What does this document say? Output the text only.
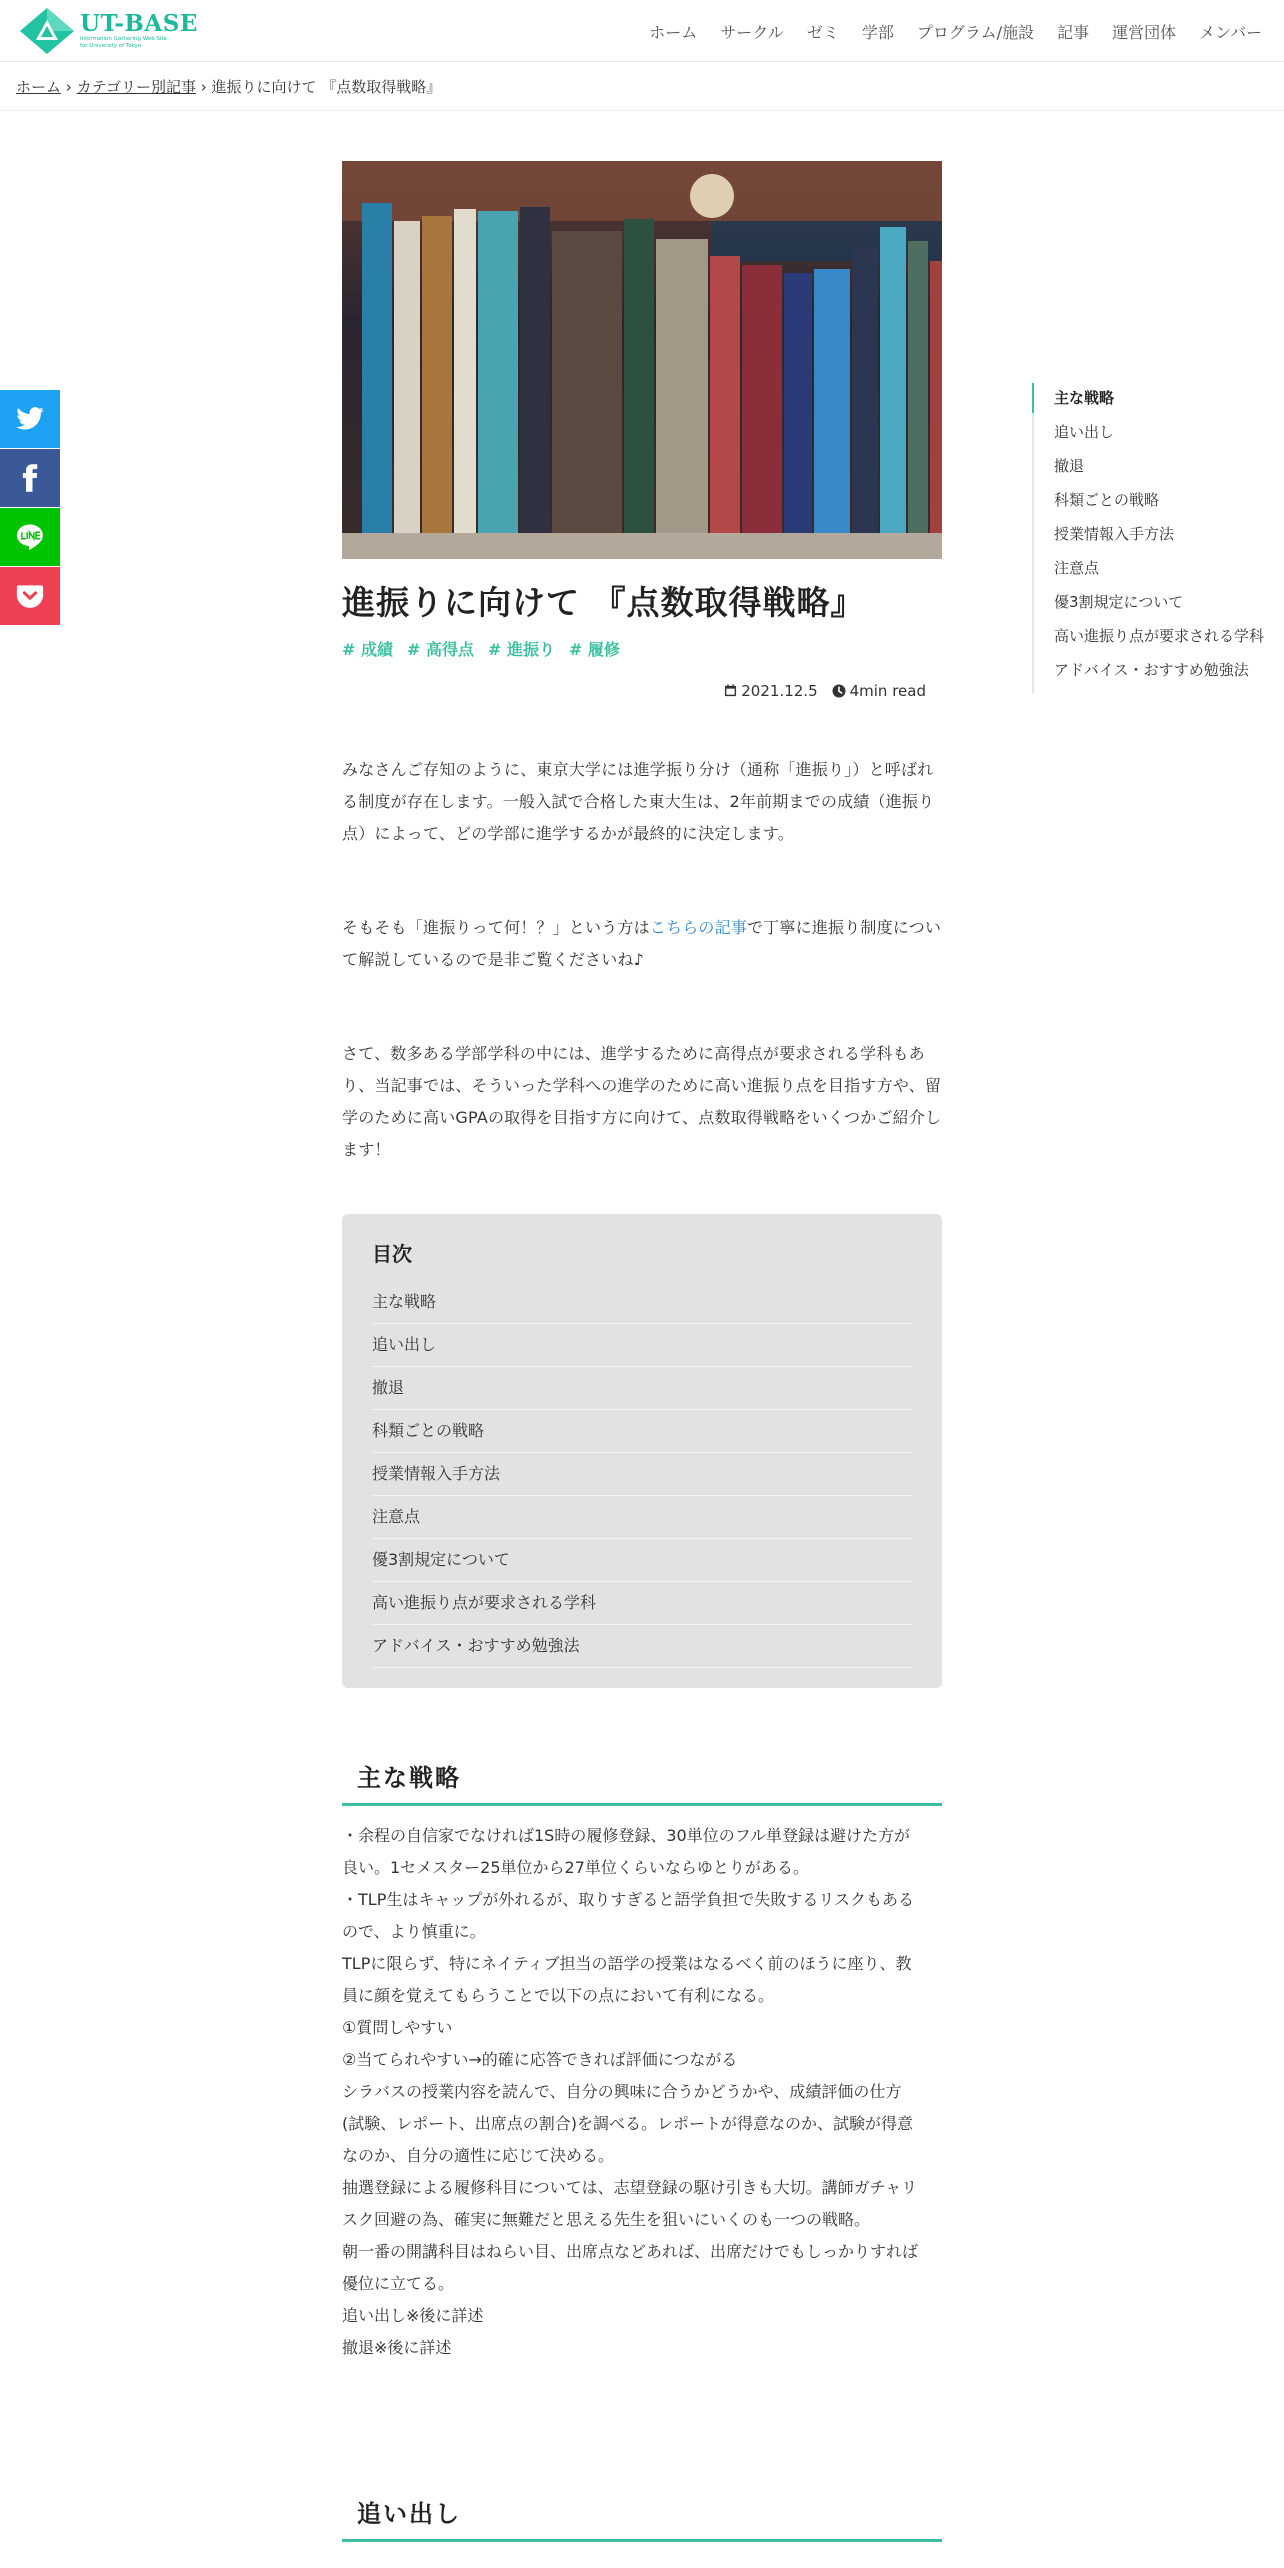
UT-BASE
Information Gathering Web Site
for University of Tokyo
ホーム サークル ゼミ 学部 プログラム/施設 記事 運営団体 メンバー
ホーム › カテゴリー別記事 › 進振りに向けて 『点数取得戦略』
進振りに向けて 『点数取得戦略』
# 成績 # 高得点 # 進振り # 履修
2021.12.5	4min read

みなさんご存知のように、東京大学には進学振り分け（通称「進振り」）と呼ばれる制度が存在します。一般入試で合格した東大生は、2年前期までの成績（進振り点）によって、どの学部に進学するかが最終的に決定します。

そもそも「進振りって何！？」という方はこちらの記事で丁寧に進振り制度について解説しているので是非ご覧くださいね♪

さて、数多ある学部学科の中には、進学するために高得点が要求される学科もあり、当記事では、そういった学科への進学のために高い進振り点を目指す方や、留学のために高いGPAの取得を目指す方に向けて、点数取得戦略をいくつかご紹介します！

目次
主な戦略
追い出し
撤退
科類ごとの戦略
授業情報入手方法
注意点
優3割規定について
高い進振り点が要求される学科
アドバイス・おすすめ勉強法
主な戦略
・余程の自信家でなければ1S時の履修登録、30単位のフル単登録は避けた方が
良い。1セメスター25単位から27単位くらいならゆとりがある。
・TLP生はキャップが外れるが、取りすぎると語学負担で失敗するリスクもある
ので、より慎重に。
TLPに限らず、特にネイティブ担当の語学の授業はなるべく前のほうに座り、教
員に顔を覚えてもらうことで以下の点において有利になる。
①質問しやすい
②当てられやすい→的確に応答できれば評価につながる
シラバスの授業内容を読んで、自分の興味に合うかどうかや、成績評価の仕方
(試験、レポート、出席点の割合)を調べる。レポートが得意なのか、試験が得意
なのか、自分の適性に応じて決める。
抽選登録による履修科目については、志望登録の駆け引きも大切。講師ガチャリ
スク回避の為、確実に無難だと思える先生を狙いにいくのも一つの戦略。
朝一番の開講科目はねらい目、出席点などあれば、出席だけでもしっかりすれば
優位に立てる。
追い出し※後に詳述
撤退※後に詳述
追い出し
主な戦略
追い出し
撤退
科類ごとの戦略
授業情報入手方法
注意点
優3割規定について
高い進振り点が要求される学科
アドバイス・おすすめ勉強法
